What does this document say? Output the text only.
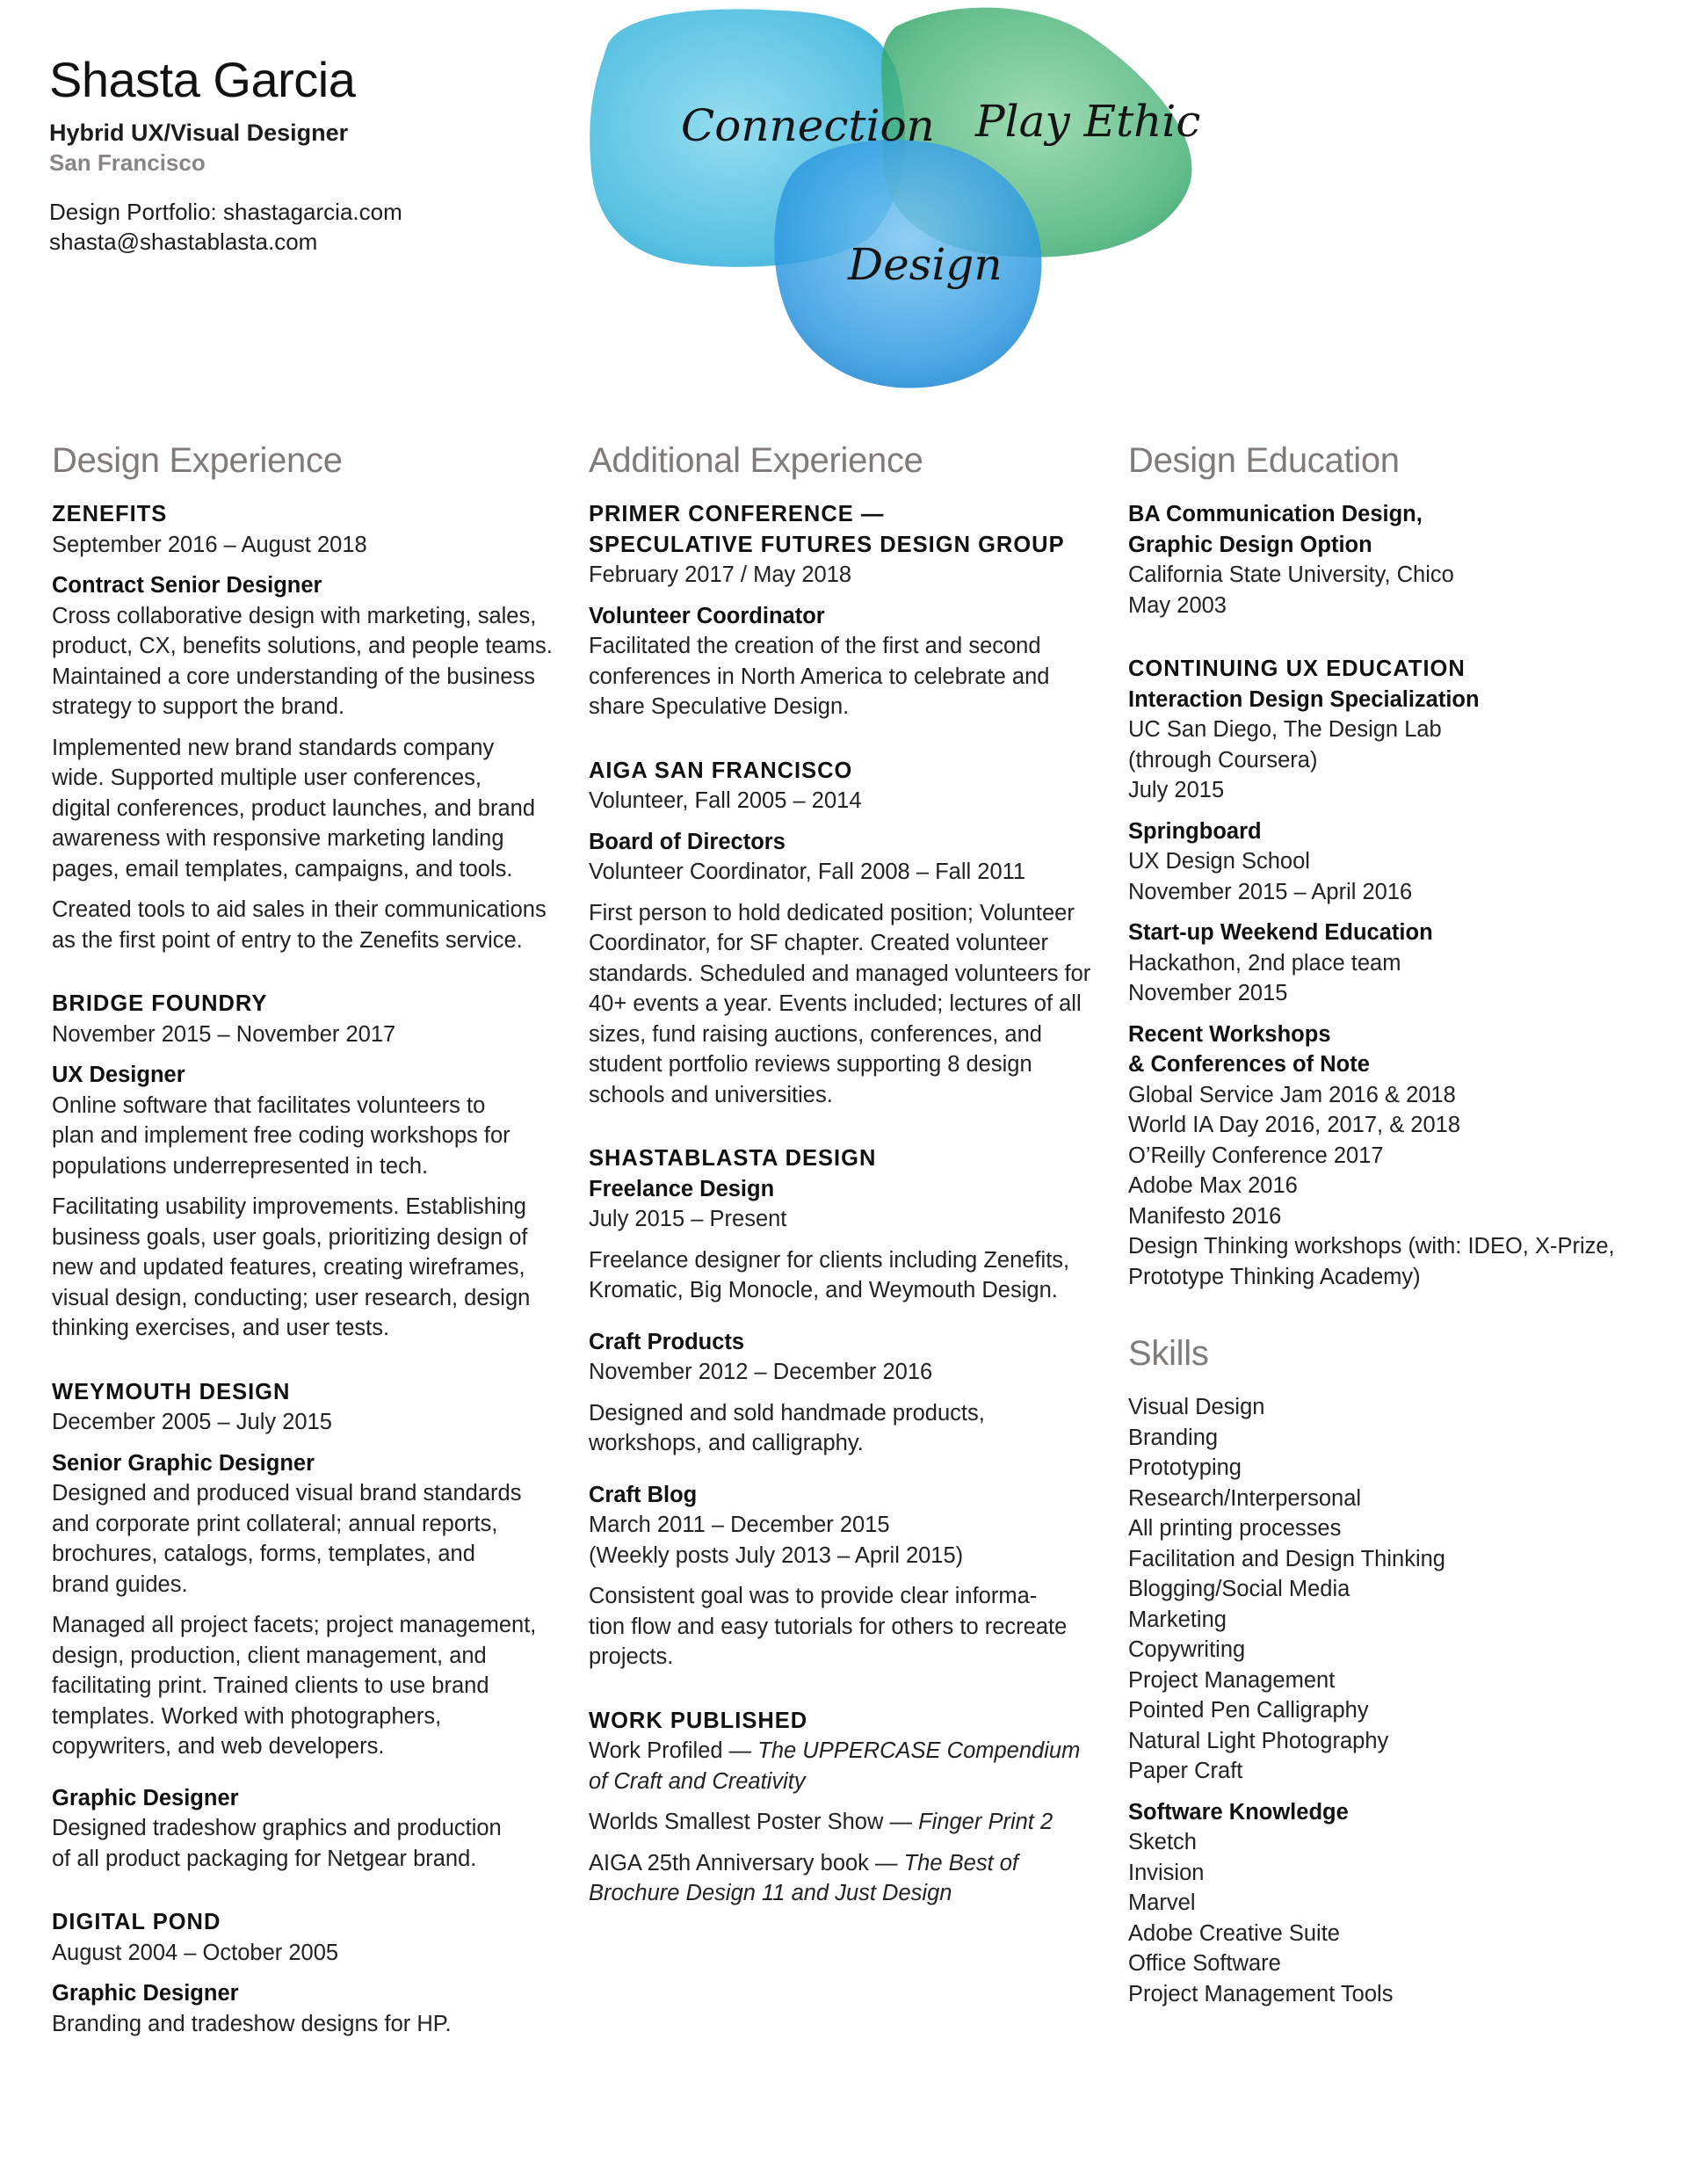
Shasta Garcia
Hybrid UX/Visual Designer
San Francisco
Design Portfolio: shastagarcia.com
shasta@shastablasta.com
Connection Play Ethic
Design
Design Experience
ZENEFITS
September 2016 – August 2018
Contract Senior Designer
Cross collaborative design with marketing, sales,
product, CX, benefits solutions, and people teams.
Maintained a core understanding of the business
strategy to support the brand.
Implemented new brand standards company
wide. Supported multiple user conferences,
digital conferences, product launches, and brand
awareness with responsive marketing landing
pages, email templates, campaigns, and tools.
Created tools to aid sales in their communications
as the first point of entry to the Zenefits service.
BRIDGE FOUNDRY
November 2015 – November 2017
UX Designer
Online software that facilitates volunteers to
plan and implement free coding workshops for
populations underrepresented in tech.
Facilitating usability improvements. Establishing
business goals, user goals, prioritizing design of
new and updated features, creating wireframes,
visual design, conducting; user research, design
thinking exercises, and user tests.
WEYMOUTH DESIGN
December 2005 – July 2015
Senior Graphic Designer
Designed and produced visual brand standards
and corporate print collateral; annual reports,
brochures, catalogs, forms, templates, and
brand guides.
Managed all project facets; project management,
design, production, client management, and
facilitating print. Trained clients to use brand
templates. Worked with photographers,
copywriters, and web developers.
Graphic Designer
Designed tradeshow graphics and production
of all product packaging for Netgear brand.
DIGITAL POND
August 2004 – October 2005
Graphic Designer
Branding and tradeshow designs for HP.
Additional Experience
PRIMER CONFERENCE —
SPECULATIVE FUTURES DESIGN GROUP
February 2017 / May 2018
Volunteer Coordinator
Facilitated the creation of the first and second
conferences in North America to celebrate and
share Speculative Design.
AIGA SAN FRANCISCO
Volunteer, Fall 2005 – 2014
Board of Directors
Volunteer Coordinator, Fall 2008 – Fall 2011
First person to hold dedicated position; Volunteer
Coordinator, for SF chapter. Created volunteer
standards. Scheduled and managed volunteers for
40+ events a year. Events included; lectures of all
sizes, fund raising auctions, conferences, and
student portfolio reviews supporting 8 design
schools and universities.
SHASTABLASTA DESIGN
Freelance Design
July 2015 – Present
Freelance designer for clients including Zenefits,
Kromatic, Big Monocle, and Weymouth Design.
Craft Products
November 2012 – December 2016
Designed and sold handmade products,
workshops, and calligraphy.
Craft Blog
March 2011 – December 2015
(Weekly posts July 2013 – April 2015)
Consistent goal was to provide clear informa-
tion flow and easy tutorials for others to recreate
projects.
WORK PUBLISHED
Work Profiled — The UPPERCASE Compendium
of Craft and Creativity
Worlds Smallest Poster Show — Finger Print 2
AIGA 25th Anniversary book — The Best of
Brochure Design 11 and Just Design
Design Education
BA Communication Design,
Graphic Design Option
California State University, Chico
May 2003
CONTINUING UX EDUCATION
Interaction Design Specialization
UC San Diego, The Design Lab
(through Coursera)
July 2015
Springboard
UX Design School
November 2015 – April 2016
Start-up Weekend Education
Hackathon, 2nd place team
November 2015
Recent Workshops
& Conferences of Note
Global Service Jam 2016 & 2018
World IA Day 2016, 2017, & 2018
O’Reilly Conference 2017
Adobe Max 2016
Manifesto 2016
Design Thinking workshops (with: IDEO, X-Prize,
Prototype Thinking Academy)
Skills
Visual Design
Branding
Prototyping
Research/Interpersonal
All printing processes
Facilitation and Design Thinking
Blogging/Social Media
Marketing
Copywriting
Project Management
Pointed Pen Calligraphy
Natural Light Photography
Paper Craft
Software Knowledge
Sketch
Invision
Marvel
Adobe Creative Suite
Office Software
Project Management Tools
